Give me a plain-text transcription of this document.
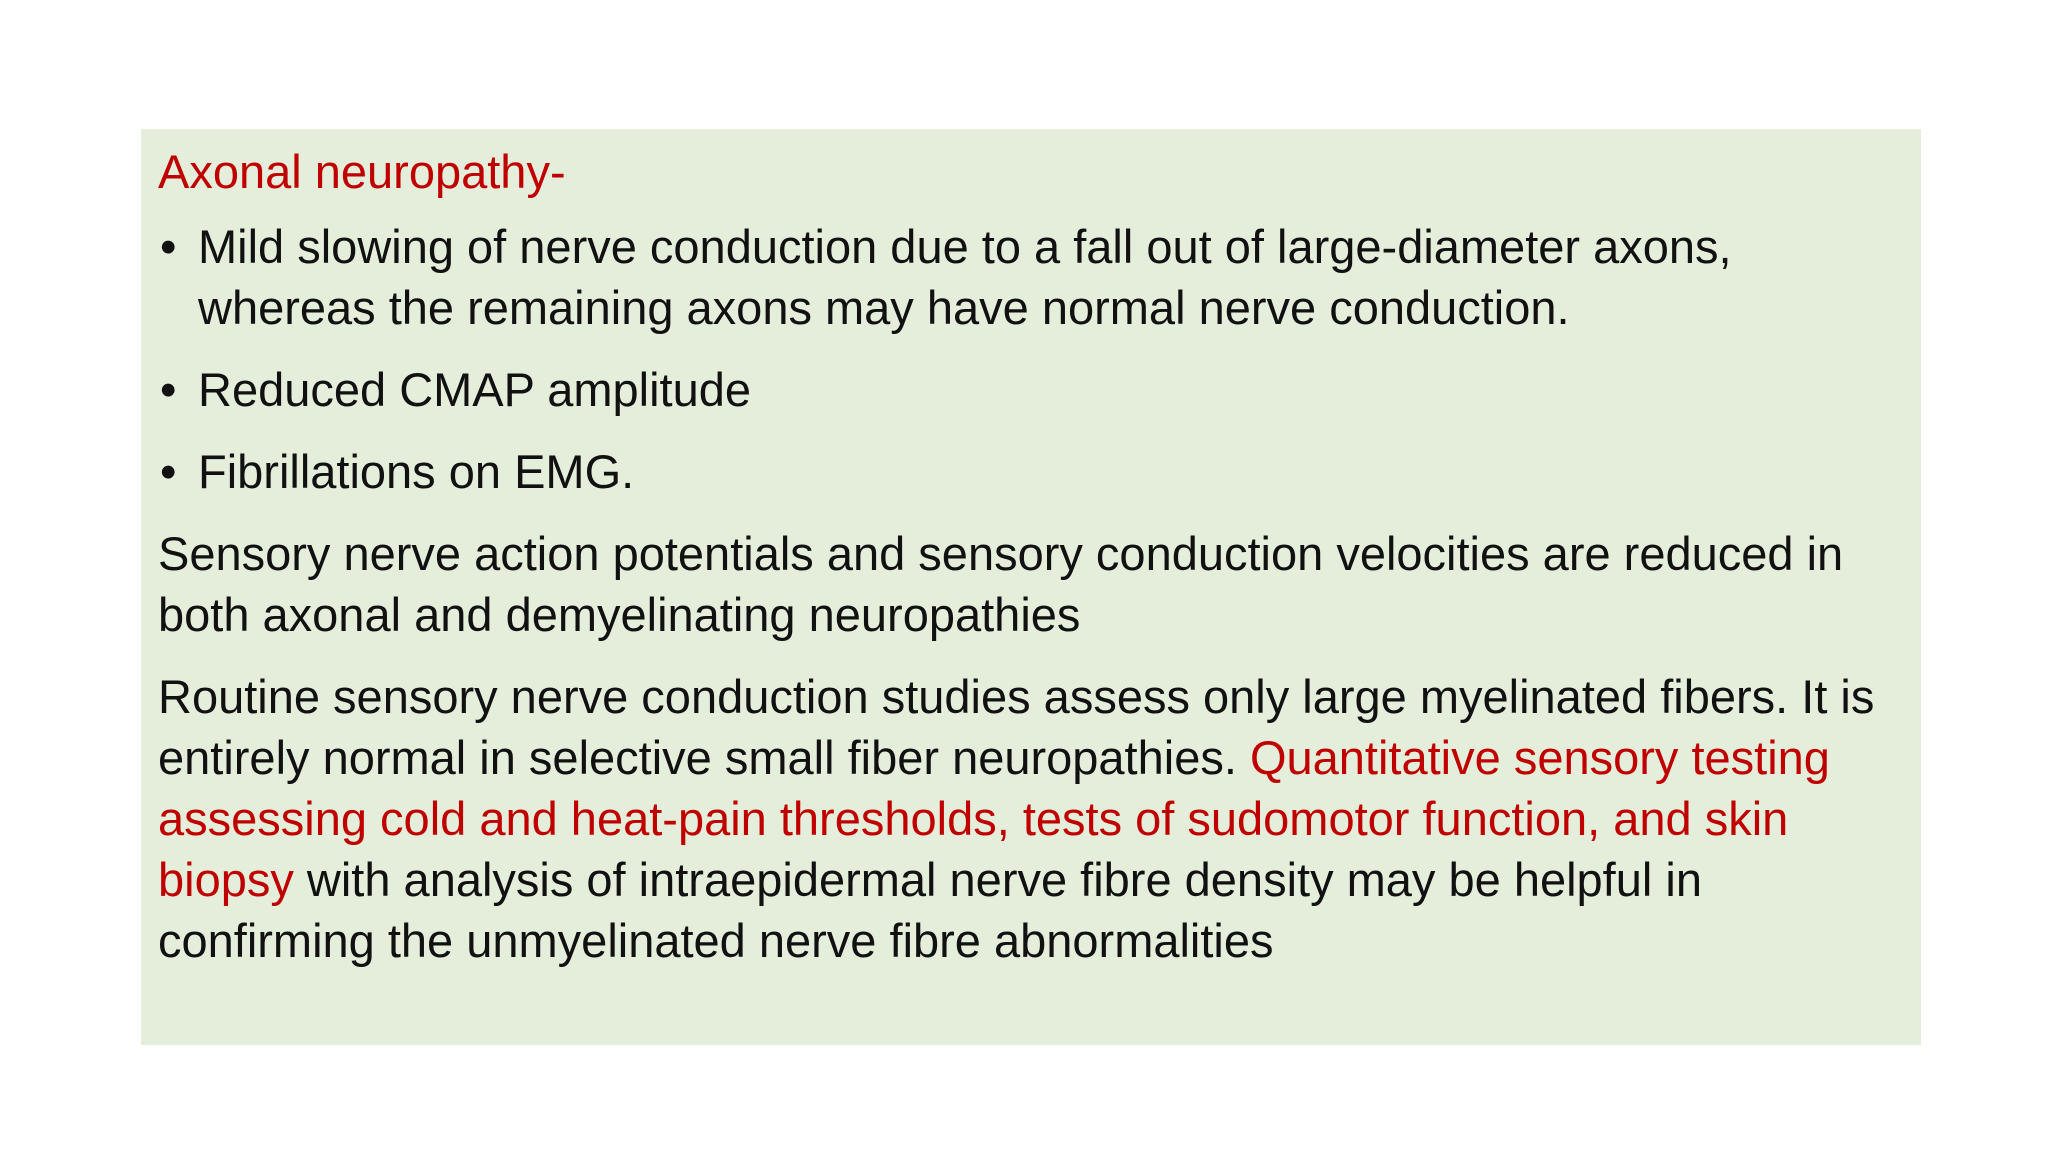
Axonal neuropathy-
• Mild slowing of nerve conduction due to a fall out of large-diameter axons, whereas the remaining axons may have normal nerve conduction.
• Reduced CMAP amplitude
• Fibrillations on EMG.

Sensory nerve action potentials and sensory conduction velocities are reduced in both axonal and demyelinating neuropathies

Routine sensory nerve conduction studies assess only large myelinated fibers. It is entirely normal in selective small fiber neuropathies. Quantitative sensory testing assessing cold and heat-pain thresholds, tests of sudomotor function, and skin biopsy with analysis of intraepidermal nerve fibre density may be helpful in confirming the unmyelinated nerve fibre abnormalities
